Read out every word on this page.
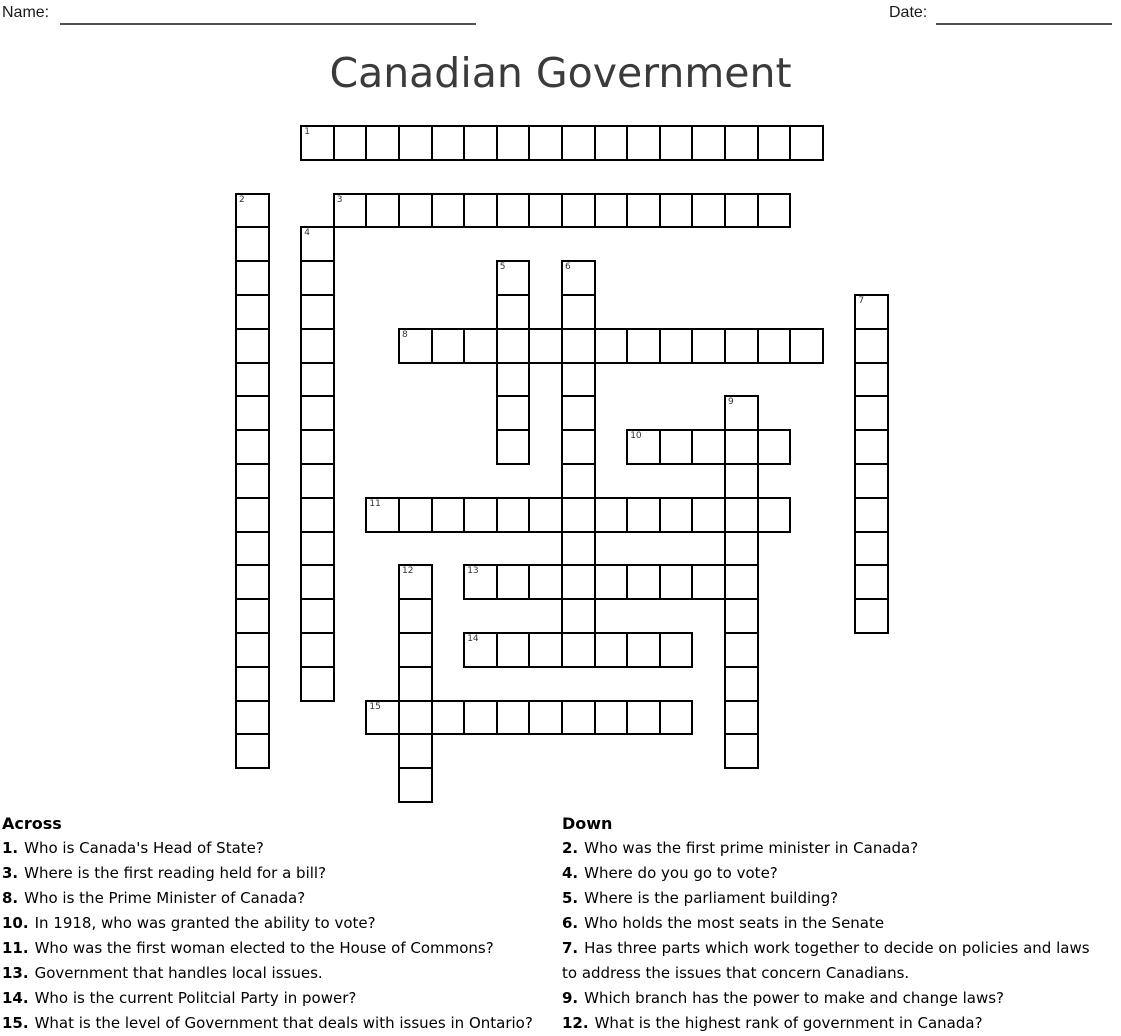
Name:	Date:
Canadian Government
1
2	3
4
5	6
7
8
9
10
11
12	13
14
15
Across
1. Who is Canada's Head of State?
3. Where is the first reading held for a bill?
8. Who is the Prime Minister of Canada?
10. In 1918, who was granted the ability to vote?
11. Who was the first woman elected to the House of Commons?
13. Government that handles local issues.
14. Who is the current Politcial Party in power?
15. What is the level of Government that deals with issues in Ontario?
Down
2. Who was the first prime minister in Canada?
4. Where do you go to vote?
5. Where is the parliament building?
6. Who holds the most seats in the Senate
7. Has three parts which work together to decide on policies and laws to address the issues that concern Canadians.
9. Which branch has the power to make and change laws?
12. What is the highest rank of government in Canada?
